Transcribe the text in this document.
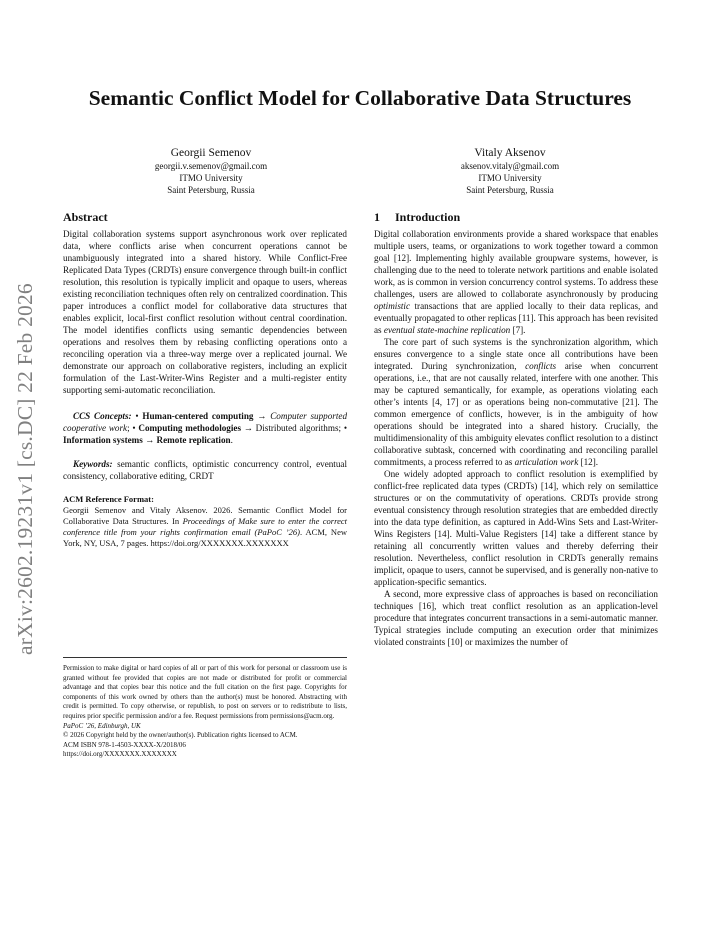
arXiv:2602.19231v1 [cs.DC] 22 Feb 2026
Semantic Conflict Model for Collaborative Data Structures
Georgii Semenov
georgii.v.semenov@gmail.com
ITMO University
Saint Petersburg, Russia
Vitaly Aksenov
aksenov.vitaly@gmail.com
ITMO University
Saint Petersburg, Russia
Abstract

Digital collaboration systems support asynchronous work over replicated data, where conflicts arise when concurrent operations cannot be unambiguously integrated into a shared history. While Conflict-Free Replicated Data Types (CRDTs) ensure convergence through built-in conflict resolution, this resolution is typically implicit and opaque to users, whereas existing reconciliation techniques often rely on centralized coordination. This paper introduces a conflict model for collaborative data structures that enables explicit, local-first conflict resolution without central coordination. The model identifies conflicts using semantic dependencies between operations and resolves them by rebasing conflicting operations onto a reconciling operation via a three-way merge over a replicated journal. We demonstrate our approach on collaborative registers, including an explicit formulation of the Last-Writer-Wins Register and a multi-register entity supporting semi-automatic reconciliation.

CCS Concepts: • Human-centered computing → Computer supported cooperative work; • Computing methodologies → Distributed algorithms; • Information systems → Remote replication.

Keywords: semantic conflicts, optimistic concurrency control, eventual consistency, collaborative editing, CRDT

ACM Reference Format:

Georgii Semenov and Vitaly Aksenov. 2026. Semantic Conflict Model for Collaborative Data Structures. In Proceedings of Make sure to enter the correct conference title from your rights confirmation email (PaPoC ’26). ACM, New York, NY, USA, 7 pages. https://doi.org/XXXXXXX.XXXXXXX

Permission to make digital or hard copies of all or part of this work for personal or classroom use is granted without fee provided that copies are not made or distributed for profit or commercial advantage and that copies bear this notice and the full citation on the first page. Copyrights for components of this work owned by others than the author(s) must be honored. Abstracting with credit is permitted. To copy otherwise, or republish, to post on servers or to redistribute to lists, requires prior specific permission and/or a fee. Request permissions from permissions@acm.org.

PaPoC ’26, Edinburgh, UK

© 2026 Copyright held by the owner/author(s). Publication rights licensed to ACM.

ACM ISBN 978-1-4503-XXXX-X/2018/06

https://doi.org/XXXXXXX.XXXXXXX

1 Introduction

Digital collaboration environments provide a shared workspace that enables multiple users, teams, or organizations to work together toward a common goal [12]. Implementing highly available groupware systems, however, is challenging due to the need to tolerate network partitions and enable isolated work, as is common in version concurrency control systems. To address these challenges, users are allowed to collaborate asynchronously by producing optimistic transactions that are applied locally to their data replicas, and eventually propagated to other replicas [11]. This approach has been revisited as eventual state-machine replication [7].

The core part of such systems is the synchronization algorithm, which ensures convergence to a single state once all contributions have been integrated. During synchronization, conflicts arise when concurrent operations, i.e., that are not causally related, interfere with one another. This may be captured semantically, for example, as operations violating each other’s intents [4, 17] or as operations being non-commutative [21]. The common emergence of conflicts, however, is in the ambiguity of how operations should be integrated into a shared history. Crucially, the multidimensionality of this ambiguity elevates conflict resolution to a distinct collaborative subtask, concerned with coordinating and reconciling parallel commitments, a process referred to as articulation work [12].

One widely adopted approach to conflict resolution is exemplified by conflict-free replicated data types (CRDTs) [14], which rely on semilattice structures or on the commutativity of operations. CRDTs provide strong eventual consistency through resolution strategies that are embedded directly into the data type definition, as captured in Add-Wins Sets and Last-Writer-Wins Registers [14]. Multi-Value Registers [14] take a different stance by retaining all concurrently written values and thereby deferring their resolution. Nevertheless, conflict resolution in CRDTs generally remains implicit, opaque to users, cannot be supervised, and is generally non-native to application-specific semantics.

A second, more expressive class of approaches is based on reconciliation techniques [16], which treat conflict resolution as an application-level procedure that integrates concurrent transactions in a semi-automatic manner. Typical strategies include computing an execution order that minimizes violated constraints [10] or maximizes the number of
